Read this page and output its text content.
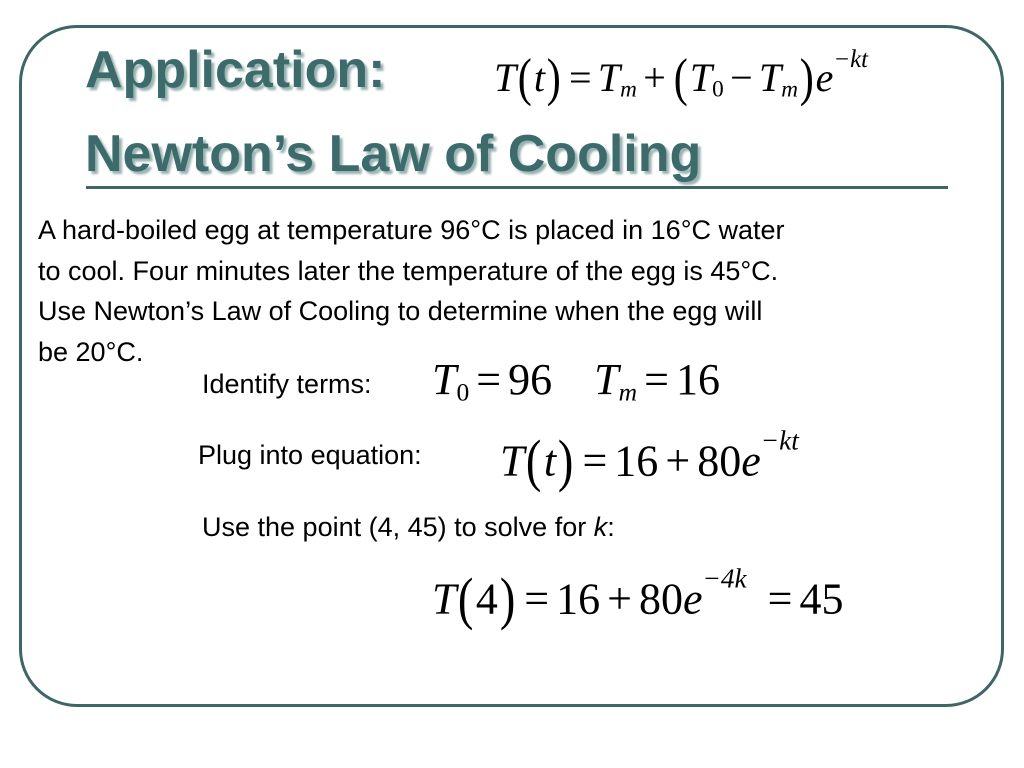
Application:
Newton’s Law of Cooling
$T(t) = T_m + (T_0 - T_m)e^{-kt}$
A hard-boiled egg at temperature 96°C is placed in 16°C water
to cool. Four minutes later the temperature of the egg is 45°C.
Use Newton’s Law of Cooling to determine when the egg will
be 20°C.
Identify terms: $T_0 = 96$ $T_m = 16$
Plug into equation: $T(t) = 16 + 80e^{-kt}$
Use the point (4, 45) to solve for k:
$T(4) = 16 + 80e^{-4k} = 45$
